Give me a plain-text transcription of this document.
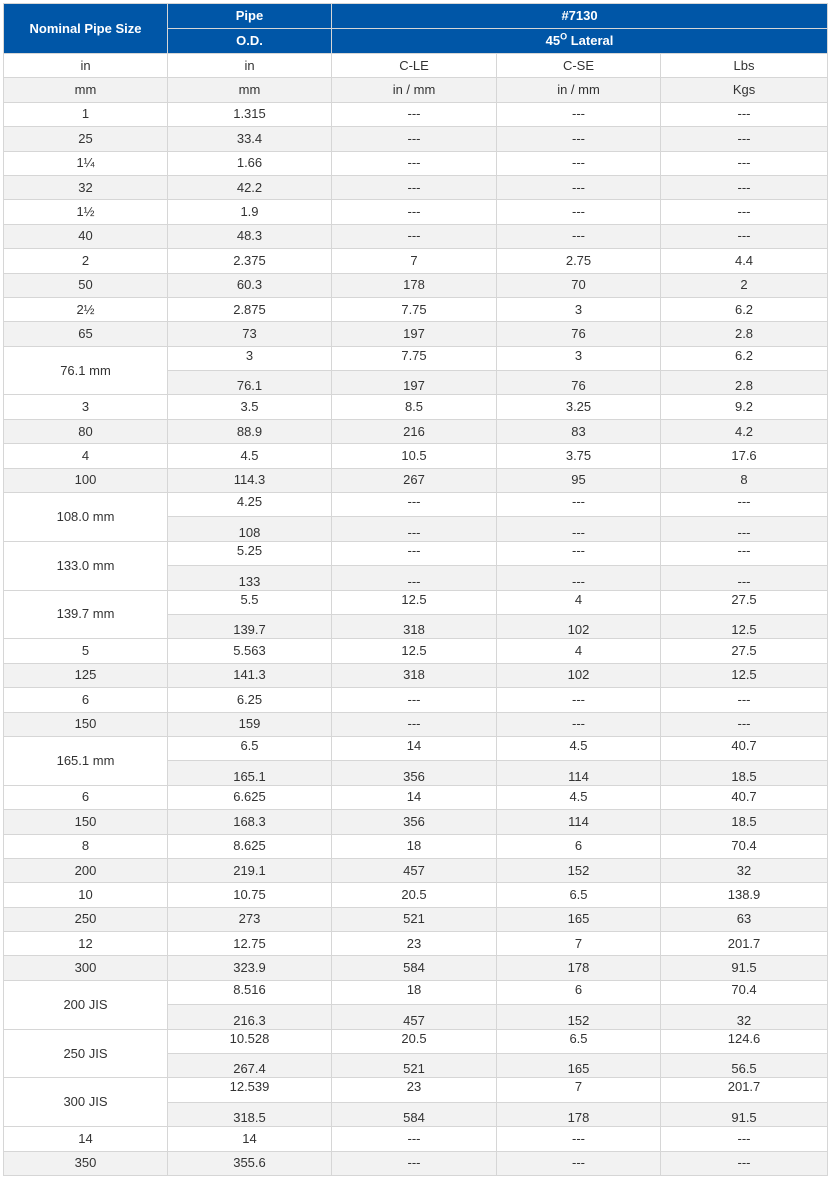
Nominal Pipe Size	Pipe	#7130		
	O.D.	$45^O$ Lateral		
in	in	C-LE	C-SE	Lbs
mm	mm	in / mm	in / mm	Kgs
1	1.315	---	---	---
25	33.4	---	---	---
1¼	1.66	---	---	---
32	42.2	---	---	---
1½	1.9	---	---	---
40	48.3	---	---	---
2	2.375	7	2.75	4.4
50	60.3	178	70	2
2½	2.875	7.75	3	6.2
65	73	197	76	2.8
76.1 mm	3	7.75	3	6.2
	76.1	197	76	2.8
3	3.5	8.5	3.25	9.2
80	88.9	216	83	4.2
4	4.5	10.5	3.75	17.6
100	114.3	267	95	8
108.0 mm	4.25	---	---	---
	108	---	---	---
133.0 mm	5.25	---	---	---
	133	---	---	---
139.7 mm	5.5	12.5	4	27.5
	139.7	318	102	12.5
5	5.563	12.5	4	27.5
125	141.3	318	102	12.5
6	6.25	---	---	---
150	159	---	---	---
165.1 mm	6.5	14	4.5	40.7
	165.1	356	114	18.5
6	6.625	14	4.5	40.7
150	168.3	356	114	18.5
8	8.625	18	6	70.4
200	219.1	457	152	32
10	10.75	20.5	6.5	138.9
250	273	521	165	63
12	12.75	23	7	201.7
300	323.9	584	178	91.5
200 JIS	8.516	18	6	70.4
	216.3	457	152	32
250 JIS	10.528	20.5	6.5	124.6
	267.4	521	165	56.5
300 JIS	12.539	23	7	201.7
	318.5	584	178	91.5
14	14	---	---	---
350	355.6	---	---	---
